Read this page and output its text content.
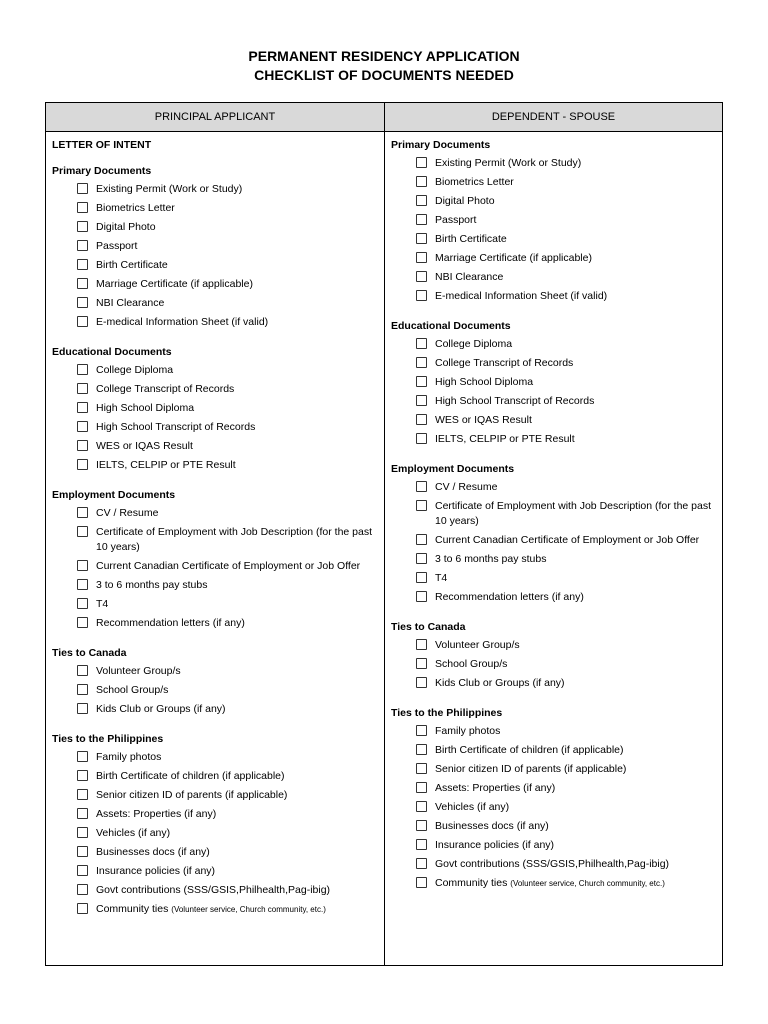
PERMANENT RESIDENCY APPLICATION
CHECKLIST OF DOCUMENTS NEEDED
PRINCIPAL APPLICANT	DEPENDENT - SPOUSE
LETTER OF INTENT
Primary Documents
Existing Permit (Work or Study)
Biometrics Letter
Digital Photo
Passport
Birth Certificate
Marriage Certificate (if applicable)
NBI Clearance
E-medical Information Sheet (if valid)
Educational Documents
College Diploma
College Transcript of Records
High School Diploma
High School Transcript of Records
WES or IQAS Result
IELTS, CELPIP or PTE Result
Employment Documents
CV / Resume
Certificate of Employment with Job Description (for the past 10 years)
Current Canadian Certificate of Employment or Job Offer
3 to 6 months pay stubs
T4
Recommendation letters (if any)
Ties to Canada
Volunteer Group/s
School Group/s
Kids Club or Groups (if any)
Ties to the Philippines
Family photos
Birth Certificate of children (if applicable)
Senior citizen ID of parents (if applicable)
Assets: Properties (if any)
Vehicles (if any)
Businesses docs (if any)
Insurance policies (if any)
Govt contributions (SSS/GSIS,Philhealth,Pag-ibig)
Community ties (Volunteer service, Church community, etc.)
Primary Documents
Existing Permit (Work or Study)
Biometrics Letter
Digital Photo
Passport
Birth Certificate
Marriage Certificate (if applicable)
NBI Clearance
E-medical Information Sheet (if valid)
Educational Documents
College Diploma
College Transcript of Records
High School Diploma
High School Transcript of Records
WES or IQAS Result
IELTS, CELPIP or PTE Result
Employment Documents
CV / Resume
Certificate of Employment with Job Description (for the past 10 years)
Current Canadian Certificate of Employment or Job Offer
3 to 6 months pay stubs
T4
Recommendation letters (if any)
Ties to Canada
Volunteer Group/s
School Group/s
Kids Club or Groups (if any)
Ties to the Philippines
Family photos
Birth Certificate of children (if applicable)
Senior citizen ID of parents (if applicable)
Assets: Properties (if any)
Vehicles (if any)
Businesses docs (if any)
Insurance policies (if any)
Govt contributions (SSS/GSIS,Philhealth,Pag-ibig)
Community ties (Volunteer service, Church community, etc.)
